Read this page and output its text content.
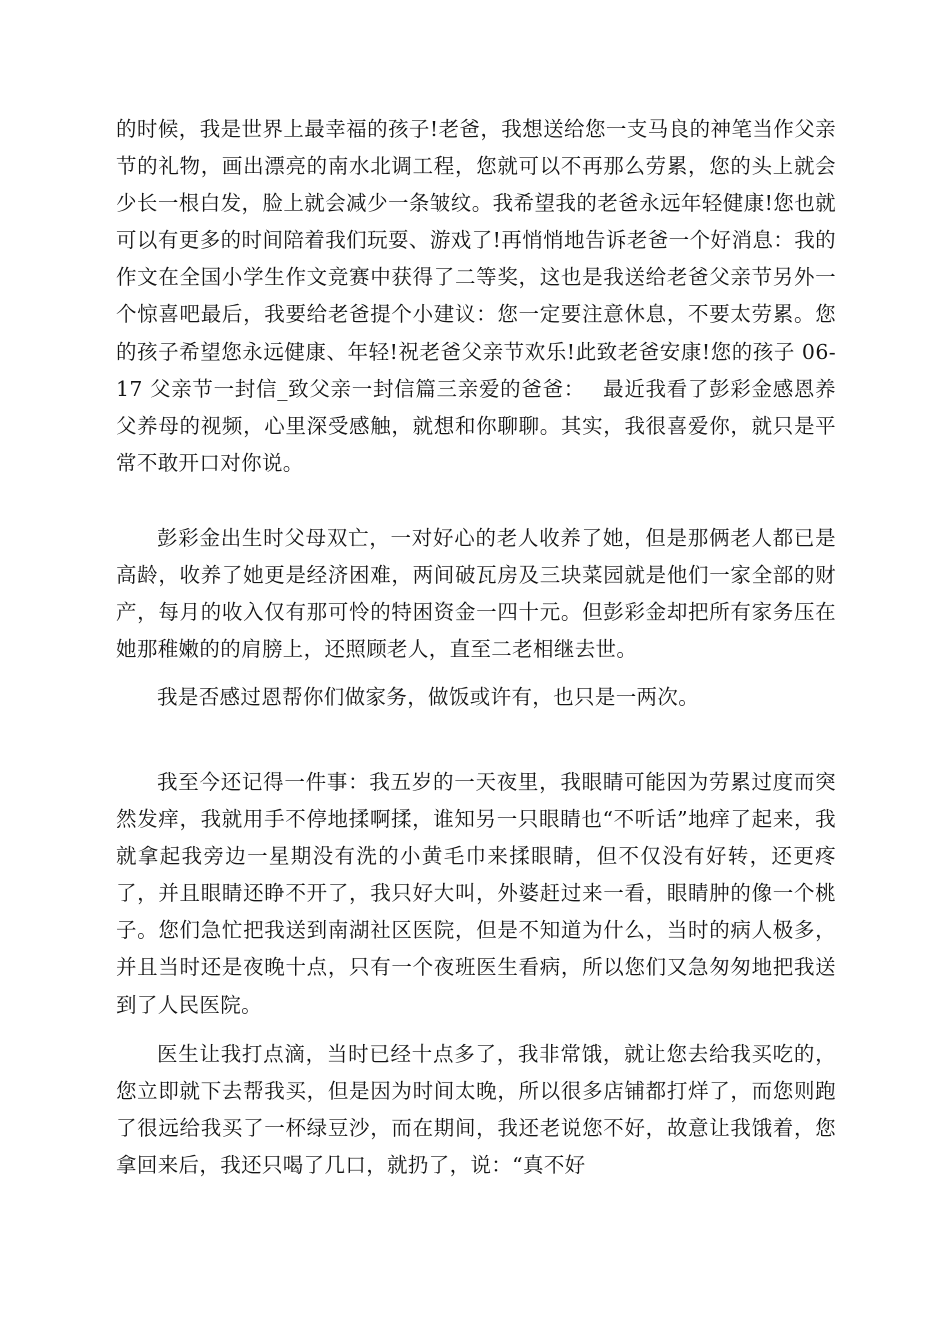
的时候，我是世界上最幸福的孩子!老爸，我想送给您一支马良的神笔当作父亲节的礼物，画出漂亮的南水北调工程，您就可以不再那么劳累，您的头上就会少长一根白发，脸上就会减少一条皱纹。我希望我的老爸永远年轻健康!您也就可以有更多的时间陪着我们玩耍、游戏了!再悄悄地告诉老爸一个好消息：我的作文在全国小学生作文竞赛中获得了二等奖，这也是我送给老爸父亲节另外一个惊喜吧最后，我要给老爸提个小建议：您一定要注意休息，不要太劳累。您的孩子希望您永远健康、年轻!祝老爸父亲节欢乐!此致老爸安康!您的孩子 06-17 父亲节一封信_致父亲一封信篇三亲爱的爸爸：　 最近我看了彭彩金感恩养父养母的视频，心里深受感触，就想和你聊聊。其实，我很喜爱你，就只是平常不敢开口对你说。

彭彩金出生时父母双亡，一对好心的老人收养了她，但是那俩老人都已是高龄，收养了她更是经济困难，两间破瓦房及三块菜园就是他们一家全部的财产，每月的收入仅有那可怜的特困资金一四十元。但彭彩金却把所有家务压在她那稚嫩的的肩膀上，还照顾老人，直至二老相继去世。

我是否感过恩帮你们做家务，做饭或许有，也只是一两次。

我至今还记得一件事：我五岁的一天夜里，我眼睛可能因为劳累过度而突然发痒，我就用手不停地揉啊揉，谁知另一只眼睛也“不听话”地痒了起来，我就拿起我旁边一星期没有洗的小黄毛巾来揉眼睛，但不仅没有好转，还更疼了，并且眼睛还睁不开了，我只好大叫，外婆赶过来一看，眼睛肿的像一个桃子。您们急忙把我送到南湖社区医院，但是不知道为什么，当时的病人极多，并且当时还是夜晚十点，只有一个夜班医生看病，所以您们又急匆匆地把我送到了人民医院。

医生让我打点滴，当时已经十点多了，我非常饿，就让您去给我买吃的，您立即就下去帮我买，但是因为时间太晚，所以很多店铺都打烊了，而您则跑了很远给我买了一杯绿豆沙，而在期间，我还老说您不好，故意让我饿着，您拿回来后，我还只喝了几口，就扔了，说：“真不好
